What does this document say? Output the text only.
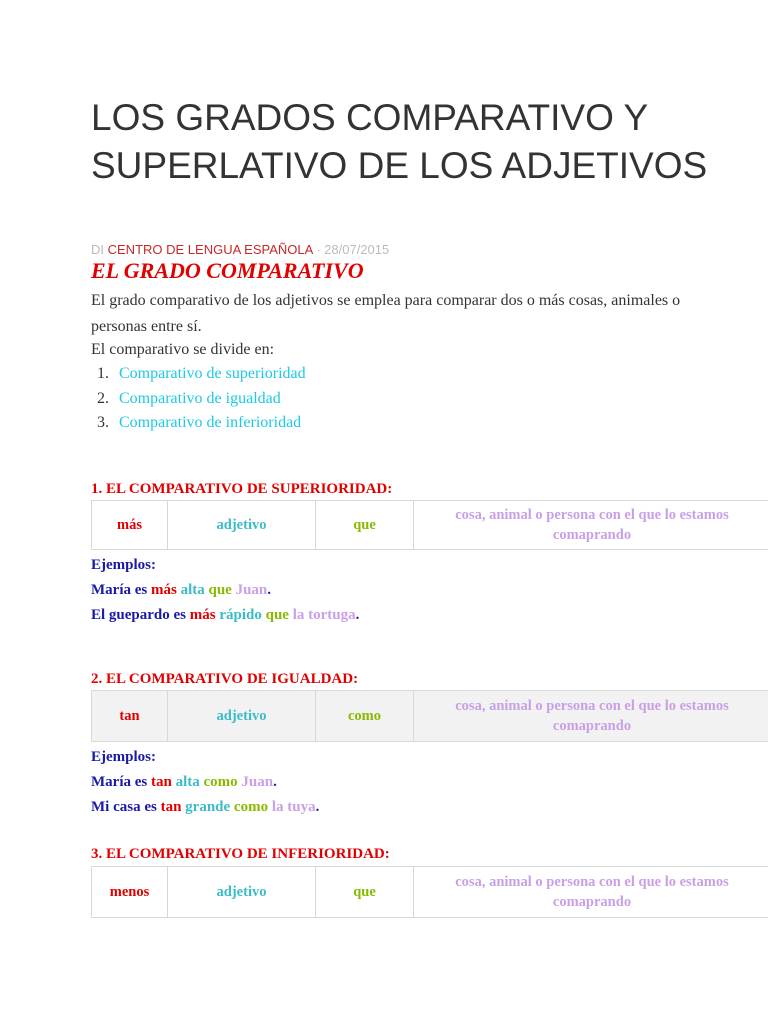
LOS GRADOS COMPARATIVO Y SUPERLATIVO DE LOS ADJETIVOS
DI CENTRO DE LENGUA ESPAÑOLA · 28/07/2015
EL GRADO COMPARATIVO

El grado comparativo de los adjetivos se emplea para comparar dos o más cosas, animales o personas entre sí.

El comparativo se divide en:

1. Comparativo de superioridad
2. Comparativo de igualdad
3. Comparativo de inferioridad
1. EL COMPARATIVO DE SUPERIORIDAD:
más	adjetivo	que	cosa, animal o persona con el que lo estamos comaprando
Ejemplos:
María es más alta que Juan.
El guepardo es más rápido que la tortuga.
2. EL COMPARATIVO DE IGUALDAD:
tan	adjetivo	como	cosa, animal o persona con el que lo estamos comaprando
Ejemplos:
María es tan alta como Juan.
Mi casa es tan grande como la tuya.
3. EL COMPARATIVO DE INFERIORIDAD:
menos	adjetivo	que	cosa, animal o persona con el que lo estamos comaprando
